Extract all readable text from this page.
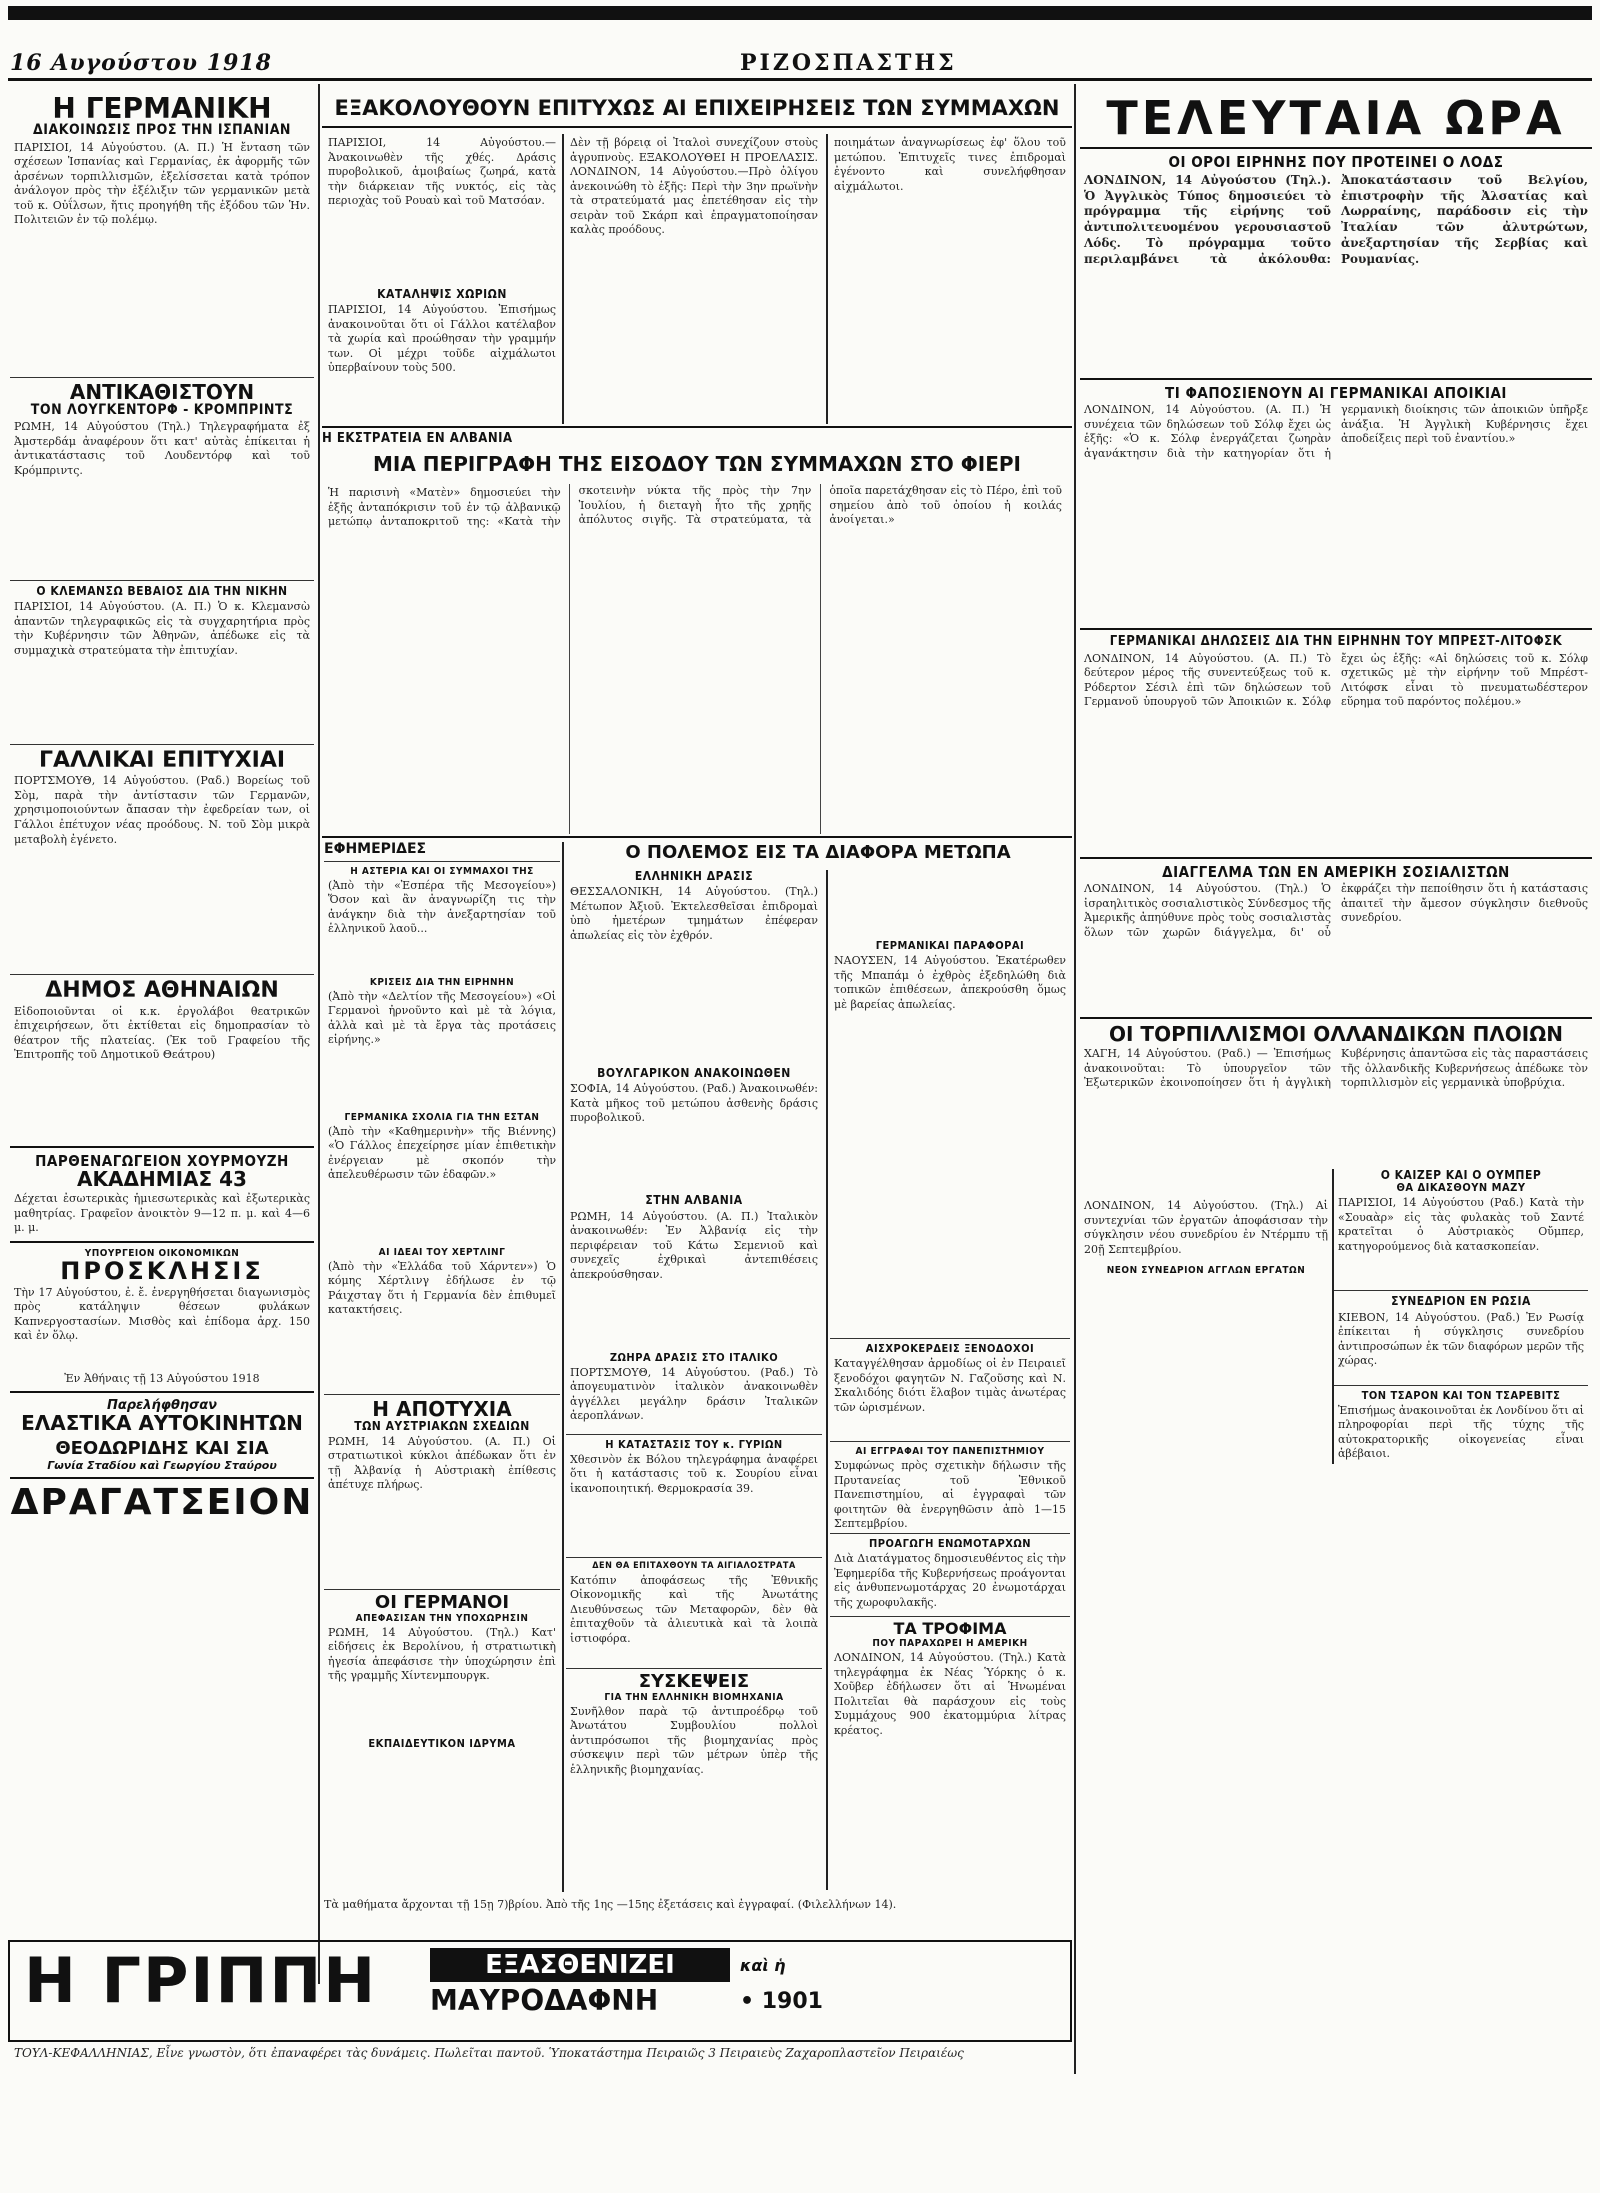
16 Αυγούστου 1918	ΡΙΖΟΣΠΑΣΤΗΣ
Η ΓΕΡΜΑΝΙΚΗ
ΔΙΑΚΟΙΝΩΣΙΣ ΠΡΟΣ ΤΗΝ ΙΣΠΑΝΙΑΝ
ΠΑΡΙΣΙΟΙ, 14 Αὐγούστου. (Α. Π.) Ἡ ἔνταση τῶν σχέσεων Ἱσπανίας καὶ Γερμανίας, ἐκ ἀφορμῆς τῶν ἀρσένων τορπιλλισμῶν, ἐξελίσσεται κατὰ τρόπον ἀνάλογον πρὸς τὴν ἐξέλιξιν τῶν γερμανικῶν μετὰ τοῦ κ. Οὐΐλσων, ἥτις προηγήθη τῆς ἐξόδου τῶν Ἡν. Πολιτειῶν ἐν τῷ πολέμῳ.
ΑΝΤΙΚΑΘΙΣΤΟΥΝ
ΤΟΝ ΛΟΥΓΚΕΝΤΟΡΦ - ΚΡΟΜΠΡΙΝΤΣ
ΡΩΜΗ, 14 Αὐγούστου (Τηλ.) Τηλεγραφήματα ἐξ Ἀμστερδάμ ἀναφέρουν ὅτι κατ' αὐτὰς ἐπίκειται ἡ ἀντικατάστασις τοῦ Λουδεντόρφ καὶ τοῦ Κρόμπριντς.
Ο ΚΛΕΜΑΝΣΩ ΒΕΒΑΙΟΣ ΔΙΑ ΤΗΝ ΝΙΚΗΝ
ΠΑΡΙΣΙΟΙ, 14 Αὐγούστου. (Α. Π.) Ὁ κ. Κλεμανσὼ ἀπαντῶν τηλεγραφικῶς εἰς τὰ συγχαρητήρια πρὸς τὴν Κυβέρνησιν τῶν Ἀθηνῶν, ἀπέδωκε εἰς τὰ συμμαχικὰ στρατεύματα τὴν ἐπιτυχίαν.
ΓΑΛΛΙΚΑΙ ΕΠΙΤΥΧΙΑΙ
ΠΟΡΤΣΜΟΥΘ, 14 Αὐγούστου. (Ραδ.) Βορείως τοῦ Σὸμ, παρὰ τὴν ἀντίστασιν τῶν Γερμανῶν, χρησιμοποιούντων ἄπασαν τὴν ἐφεδρείαν των, οἱ Γάλλοι ἐπέτυχον νέας προόδους. Ν. τοῦ Σὸμ μικρὰ μεταβολὴ ἐγένετο.
ΔΗΜΟΣ ΑΘΗΝΑΙΩΝ
Εἰδοποιοῦνται οἱ κ.κ. ἐργολάβοι θεατρικῶν ἐπιχειρήσεων, ὅτι ἐκτίθεται εἰς δημοπρασίαν τὸ θέατρον τῆς πλατείας. (Ἐκ τοῦ Γραφείου τῆς Ἐπιτροπῆς τοῦ Δημοτικοῦ Θεάτρου)
ΠΑΡΘΕΝΑΓΩΓΕΙΟΝ ΧΟΥΡΜΟΥΖΗ
ΑΚΑΔΗΜΙΑΣ 43
Δέχεται ἐσωτερικὰς ἡμιεσωτερικὰς καὶ ἐξωτερικὰς μαθητρίας. Γραφεῖον ἀνοικτὸν 9—12 π. μ. καὶ 4—6 μ. μ.
ΥΠΟΥΡΓΕΙΟΝ ΟΙΚΟΝΟΜΙΚΩΝ
ΠΡΟΣΚΛΗΣΙΣ
Τὴν 17 Αὐγούστου, ἐ. ἔ. ἐνεργηθήσεται διαγωνισμὸς πρὸς κατάληψιν θέσεων φυλάκων Καπνεργοστασίων. Μισθὸς καὶ ἐπίδομα ἀρχ. 150 καὶ ἐν ὅλῳ.
Ἐν Ἀθήναις τῇ 13 Αὐγούστου 1918
Παρελήφθησαν
ΕΛΑΣΤΙΚΑ ΑΥΤΟΚΙΝΗΤΩΝ
ΘΕΟΔΩΡΙΔΗΣ ΚΑΙ ΣΙΑ
Γωνία Σταδίου καὶ Γεωργίου Σταύρου
ΔΡΑΓΑΤΣΕΙΟΝ
ΕΞΑΚΟΛΟΥΘΟΥΝ ΕΠΙΤΥΧΩΣ ΑΙ ΕΠΙΧΕΙΡΗΣΕΙΣ ΤΩΝ ΣΥΜΜΑΧΩΝ
ΠΑΡΙΣΙΟΙ, 14 Αὐγούστου.— Ἀνακοινωθὲν τῆς χθές. Δράσις πυροβολικοῦ, ἀμοιβαίως ζωηρά, κατὰ τὴν διάρκειαν τῆς νυκτός, εἰς τὰς περιοχὰς τοῦ Ρουαὺ καὶ τοῦ Ματσόαν.
ΚΑΤΑΛΗΨΙΣ ΧΩΡΙΩΝ
ΠΑΡΙΣΙΟΙ, 14 Αὐγούστου. Ἐπισήμως ἀνακοινοῦται ὅτι οἱ Γάλλοι κατέλαβον τὰ χωρία καὶ προώθησαν τὴν γραμμήν των. Οἱ μέχρι τοῦδε αἰχμάλωτοι ὑπερβαίνουν τοὺς 500.
Δὲν τῇ βόρειᾳ οἱ Ἰταλοὶ συνεχίζουν στοὺς ἀγρυπνοὺς. ΕΞΑΚΟΛΟΥΘΕΙ Η ΠΡΟΕΛΑΣΙΣ. ΛΟΝΔΙΝΟΝ, 14 Αὐγούστου.—Πρὸ ὀλίγου ἀνεκοινώθη τὸ ἑξῆς: Περὶ τὴν 3ην πρωϊνὴν τὰ στρατεύματά μας ἐπετέθησαν εἰς τὴν σειρὰν τοῦ Σκάρπ καὶ ἐπραγματοποίησαν καλὰς προόδους.
ποιημάτων ἀναγνωρίσεως ἐφ' ὅλου τοῦ μετώπου. Ἐπιτυχεῖς τινες ἐπιδρομαὶ ἐγένοντο καὶ συνελήφθησαν αἰχμάλωτοι.
Η ΕΚΣΤΡΑΤΕΙΑ ΕΝ ΑΛΒΑΝΙΑ
ΜΙΑ ΠΕΡΙΓΡΑΦΗ ΤΗΣ ΕΙΣΟΔΟΥ ΤΩΝ ΣΥΜΜΑΧΩΝ ΣΤΟ ΦΙΕΡΙ
Ἡ παρισινὴ «Ματὲν» δημοσιεύει τὴν ἑξῆς ἀνταπόκρισιν τοῦ ἐν τῷ ἀλβανικῷ μετώπῳ ἀνταποκριτοῦ της: «Κατὰ τὴν σκοτεινὴν νύκτα τῆς πρὸς τὴν 7ην Ἰουλίου, ἡ διεταγὴ ἦτο τῆς χρηῆς ἀπόλυτος σιγῆς. Τὰ στρατεύματα, τὰ ὁποῖα παρετάχθησαν εἰς τὸ Πέρο, ἐπὶ τοῦ σημείου ἀπὸ τοῦ ὁποίου ἡ κοιλάς ἀνοίγεται.»
ΕΦΗΜΕΡΙΔΕΣ
Η ΑΣΤΕΡΙΑ ΚΑΙ ΟΙ ΣΥΜΜΑΧΟΙ ΤΗΣ
(Ἀπὸ τὴν «Ἐσπέρα τῆς Μεσογείου») Ὅσον καὶ ἂν ἀναγνωρίζη τις τὴν ἀνάγκην διὰ τὴν ἀνεξαρτησίαν τοῦ ἑλληνικοῦ λαοῦ...
ΚΡΙΣΕΙΣ ΔΙΑ ΤΗΝ ΕΙΡΗΝΗΝ
(Ἀπὸ τὴν «Δελτίον τῆς Μεσογείου») «Οἱ Γερμανοὶ ἠρνοῦντο καὶ μὲ τὰ λόγια, ἀλλὰ καὶ μὲ τὰ ἔργα τὰς προτάσεις εἰρήνης.»
ΓΕΡΜΑΝΙΚΑ ΣΧΟΛΙΑ ΓΙΑ ΤΗΝ ΕΣΤΑΝ
(Ἀπὸ τὴν «Καθημερινὴν» τῆς Βιέννης) «Ὁ Γάλλος ἐπεχείρησε μίαν ἐπιθετικὴν ἐνέργειαν μὲ σκοπόν τὴν ἀπελευθέρωσιν τῶν ἐδαφῶν.»
ΑΙ ΙΔΕΑΙ ΤΟΥ ΧΕΡΤΛΙΝΓ
(Ἀπὸ τὴν «Ἑλλάδα τοῦ Χάρντεν») Ὁ κόμης Χέρτλινγ ἐδήλωσε ἐν τῷ Ράιχσταγ ὅτι ἡ Γερμανία δὲν ἐπιθυμεῖ κατακτήσεις.
Η ΑΠΟΤΥΧΙΑ
ΤΩΝ ΑΥΣΤΡΙΑΚΩΝ ΣΧΕΔΙΩΝ
ΡΩΜΗ, 14 Αὐγούστου. (Α. Π.) Οἱ στρατιωτικοὶ κύκλοι ἀπέδωκαν ὅτι ἐν τῇ Ἀλβανίᾳ ἡ Αὐστριακὴ ἐπίθεσις ἀπέτυχε πλήρως.
ΟΙ ΓΕΡΜΑΝΟΙ
ΑΠΕΦΑΣΙΣΑΝ ΤΗΝ ΥΠΟΧΩΡΗΣΙΝ
ΡΩΜΗ, 14 Αὐγούστου. (Τηλ.) Κατ' εἰδήσεις ἐκ Βερολίνου, ἡ στρατιωτικὴ ἡγεσία ἀπεφάσισε τὴν ὑποχώρησιν ἐπὶ τῆς γραμμῆς Χίντενμπουργκ.
ΕΚΠΑΙΔΕΥΤΙΚΟΝ ΙΔΡΥΜΑ
Τὰ μαθήματα ἄρχονται τῇ 15ῃ 7)βρίου. Ἀπὸ τῆς 1ης —15ης ἐξετάσεις καὶ ἐγγραφαί. (Φιλελλήνων 14).
Ο ΠΟΛΕΜΟΣ ΕΙΣ ΤΑ ΔΙΑΦΟΡΑ ΜΕΤΩΠΑ
ΕΛΛΗΝΙΚΗ ΔΡΑΣΙΣ
ΘΕΣΣΑΛΟΝΙΚΗ, 14 Αὐγούστου. (Τηλ.) Μέτωπον Ἀξιοῦ. Ἐκτελεσθεῖσαι ἐπιδρομαὶ ὑπὸ ἡμετέρων τμημάτων ἐπέφεραν ἀπωλείας εἰς τὸν ἐχθρόν.
ΒΟΥΛΓΑΡΙΚΟΝ ΑΝΑΚΟΙΝΩΘΕΝ
ΣΟΦΙΑ, 14 Αὐγούστου. (Ραδ.) Ἀνακοινωθέν: Κατὰ μῆκος τοῦ μετώπου ἀσθενὴς δράσις πυροβολικοῦ.
ΣΤΗΝ ΑΛΒΑΝΙΑ
ΡΩΜΗ, 14 Αὐγούστου. (Α. Π.) Ἰταλικὸν ἀνακοινωθέν: Ἐν Ἀλβανίᾳ εἰς τὴν περιφέρειαν τοῦ Κάτω Σεμενιοῦ καὶ συνεχεῖς ἐχθρικαὶ ἀντεπιθέσεις ἀπεκρούσθησαν.
ΖΩΗΡΑ ΔΡΑΣΙΣ ΣΤΟ ΙΤΑΛΙΚΟ
ΠΟΡΤΣΜΟΥΘ, 14 Αὐγούστου. (Ραδ.) Τὸ ἀπογευματινὸν ἰταλικὸν ἀνακοινωθὲν ἀγγέλλει μεγάλην δράσιν Ἰταλικῶν ἀεροπλάνων.
Η ΚΑΤΑΣΤΑΣΙΣ ΤΟΥ κ. ΓΥΡΙΩΝ
Χθεσινὸν ἐκ Βόλου τηλεγράφημα ἀναφέρει ὅτι ἡ κατάστασις τοῦ κ. Σουρίου εἶναι ἱκανοποιητική. Θερμοκρασία 39.
ΔΕΝ ΘΑ ΕΠΙΤΑΧΘΟΥΝ ΤΑ ΑΙΓΙΑΛΟΣΤΡΑΤΑ
Κατόπιν ἀποφάσεως τῆς Ἐθνικῆς Οἰκονομικῆς καὶ τῆς Ἀνωτάτης Διευθύνσεως τῶν Μεταφορῶν, δὲν θὰ ἐπιταχθοῦν τὰ ἀλιευτικὰ καὶ τὰ λοιπὰ ἱστιοφόρα.
ΣΥΣΚΕΨΕΙΣ
ΓΙΑ ΤΗΝ ΕΛΛΗΝΙΚΗ ΒΙΟΜΗΧΑΝΙΑ
Συνῆλθον παρὰ τῷ ἀντιπροέδρῳ τοῦ Ἀνωτάτου Συμβουλίου πολλοὶ ἀντιπρόσωποι τῆς βιομηχανίας πρὸς σύσκεψιν περὶ τῶν μέτρων ὑπὲρ τῆς ἑλληνικῆς βιομηχανίας.
ΓΕΡΜΑΝΙΚΑΙ ΠΑΡΑΦΟΡΑΙ
ΝΑΟΥΣΕΝ, 14 Αὐγούστου. Ἑκατέρωθεν τῆς Μπαπάμ ὁ ἐχθρὸς ἐξεδηλώθη διὰ τοπικῶν ἐπιθέσεων, ἀπεκρούσθη ὅμως μὲ βαρείας ἀπωλείας.
ΑΙΣΧΡΟΚΕΡΔΕΙΣ ΞΕΝΟΔΟΧΟΙ
Καταγγέλθησαν ἀρμοδίως οἱ ἐν Πειραιεῖ ξενοδόχοι φαγητῶν Ν. Γαζοῦσης καὶ Ν. Σκαλιδόης διότι ἔλαβον τιμὰς ἀνωτέρας τῶν ὡρισμένων.
ΑΙ ΕΓΓΡΑΦΑΙ ΤΟΥ ΠΑΝΕΠΙΣΤΗΜΙΟΥ
Συμφώνως πρὸς σχετικὴν δήλωσιν τῆς Πρυτανείας τοῦ Ἐθνικοῦ Πανεπιστημίου, αἱ ἐγγραφαὶ τῶν φοιτητῶν θὰ ἐνεργηθῶσιν ἀπὸ 1—15 Σεπτεμβρίου.
ΠΡΟΑΓΩΓΗ ΕΝΩΜΟΤΑΡΧΩΝ
Διὰ Διατάγματος δημοσιευθέντος εἰς τὴν Ἐφημερίδα τῆς Κυβερνήσεως προάγονται εἰς ἀνθυπενωμοτάρχας 20 ἐνωμοτάρχαι τῆς χωροφυλακῆς.
ΤΑ ΤΡΟΦΙΜΑ
ΠΟΥ ΠΑΡΑΧΩΡΕΙ Η ΑΜΕΡΙΚΗ
ΛΟΝΔΙΝΟΝ, 14 Αὐγούστου. (Τηλ.) Κατὰ τηλεγράφημα ἐκ Νέας Ὑόρκης ὁ κ. Χοῦβερ ἐδήλωσεν ὅτι αἱ Ἡνωμέναι Πολιτεῖαι θὰ παράσχουν εἰς τοὺς Συμμάχους 900 ἑκατομμύρια λίτρας κρέατος.
ΤΕΛΕΥΤΑΙΑ ΩΡΑ
ΟΙ ΟΡΟΙ ΕΙΡΗΝΗΣ ΠΟΥ ΠΡΟΤΕΙΝΕΙ Ο ΛΟΔΣ
ΛΟΝΔΙΝΟΝ, 14 Αὐγούστου (Τηλ.). Ὁ Ἀγγλικὸς Τύπος δημοσιεύει τὸ πρόγραμμα τῆς εἰρήνης τοῦ ἀντιπολιτευομένου γερουσιαστοῦ Λόδς. Τὸ πρόγραμμα τοῦτο περιλαμβάνει τὰ ἀκόλουθα: Ἀποκατάστασιν τοῦ Βελγίου, ἐπιστροφὴν τῆς Ἀλσατίας καὶ Λωρραίνης, παράδοσιν εἰς τὴν Ἰταλίαν τῶν ἀλυτρώτων, ἀνεξαρτησίαν τῆς Σερβίας καὶ Ρουμανίας.
ΤΙ ΦΑΠΟΣΙΕΝΟΥΝ ΑΙ ΓΕΡΜΑΝΙΚΑΙ ΑΠΟΙΚΙΑΙ
ΛΟΝΔΙΝΟΝ, 14 Αὐγούστου. (Α. Π.) Ἡ συνέχεια τῶν δηλώσεων τοῦ Σόλφ ἔχει ὡς ἑξῆς: «Ὁ κ. Σόλφ ἐνεργάζεται ζωηρὰν ἀγανάκτησιν διὰ τὴν κατηγορίαν ὅτι ἡ γερμανικὴ διοίκησις τῶν ἀποικιῶν ὑπῆρξε ἀνάξια. Ἡ Ἀγγλικὴ Κυβέρνησις ἔχει ἀποδείξεις περὶ τοῦ ἐναντίου.»
ΓΕΡΜΑΝΙΚΑΙ ΔΗΛΩΣΕΙΣ ΔΙΑ ΤΗΝ ΕΙΡΗΝΗΝ ΤΟΥ ΜΠΡΕΣΤ-ΛΙΤΟΦΣΚ
ΛΟΝΔΙΝΟΝ, 14 Αὐγούστου. (Α. Π.) Τὸ δεύτερον μέρος τῆς συνεντεύξεως τοῦ κ. Ρόδερτον Σέσιλ ἐπὶ τῶν δηλώσεων τοῦ Γερμανοῦ ὑπουργοῦ τῶν Ἀποικιῶν κ. Σόλφ ἔχει ὡς ἑξῆς: «Αἱ δηλώσεις τοῦ κ. Σόλφ σχετικῶς μὲ τὴν εἰρήνην τοῦ Μπρέστ-Λιτόφσκ εἶναι τὸ πνευματωδέστερον εὕρημα τοῦ παρόντος πολέμου.»
ΔΙΑΓΓΕΛΜΑ ΤΩΝ ΕΝ ΑΜΕΡΙΚΗ ΣΟΣΙΑΛΙΣΤΩΝ
ΛΟΝΔΙΝΟΝ, 14 Αὐγούστου. (Τηλ.) Ὁ ἰσραηλιτικὸς σοσιαλιστικὸς Σύνδεσμος τῆς Ἀμερικῆς ἀπηύθυνε πρὸς τοὺς σοσιαλιστὰς ὅλων τῶν χωρῶν διάγγελμα, δι' οὗ ἐκφράζει τὴν πεποίθησιν ὅτι ἡ κατάστασις ἀπαιτεῖ τὴν ἄμεσον σύγκλησιν διεθνοῦς συνεδρίου.
ΟΙ ΤΟΡΠΙΛΛΙΣΜΟΙ ΟΛΛΑΝΔΙΚΩΝ ΠΛΟΙΩΝ
ΧΑΓΗ, 14 Αὐγούστου. (Ραδ.) — Ἐπισήμως ἀνακοινοῦται: Τὸ ὑπουργεῖον τῶν Ἐξωτερικῶν ἐκοινοποίησεν ὅτι ἡ ἀγγλικὴ Κυβέρνησις ἀπαντῶσα εἰς τὰς παραστάσεις τῆς ὁλλανδικῆς Κυβερνήσεως ἀπέδωκε τὸν τορπιλλισμὸν εἰς γερμανικὰ ὑποβρύχια.
ΛΟΝΔΙΝΟΝ, 14 Αὐγούστου. (Τηλ.) Αἱ συντεχνίαι τῶν ἐργατῶν ἀποφάσισαν τὴν σύγκλησιν νέου συνεδρίου ἐν Ντέρμπυ τῇ 20ῇ Σεπτεμβρίου.
ΝΕΟΝ ΣΥΝΕΔΡΙΟΝ ΑΓΓΛΩΝ ΕΡΓΑΤΩΝ
Ο ΚΑΙΖΕΡ ΚΑΙ Ο ΟΥΜΠΕΡ
ΘΑ ΔΙΚΑΣΘΟΥΝ ΜΑΖΥ
ΠΑΡΙΣΙΟΙ, 14 Αὐγούστου (Ραδ.) Κατὰ τὴν «Σουαὰρ» εἰς τὰς φυλακὰς τοῦ Σαντέ κρατεῖται ὁ Αὐστριακὸς Οὔμπερ, κατηγορούμενος διὰ κατασκοπείαν.
ΣΥΝΕΔΡΙΟΝ ΕΝ ΡΩΣΙΑ
ΚΙΕΒΟΝ, 14 Αὐγούστου. (Ραδ.) Ἐν Ρωσίᾳ ἐπίκειται ἡ σύγκλησις συνεδρίου ἀντιπροσώπων ἐκ τῶν διαφόρων μερῶν τῆς χώρας.
ΤΟΝ ΤΣΑΡΟΝ ΚΑΙ ΤΟΝ ΤΣΑΡΕΒΙΤΣ
Ἐπισήμως ἀνακοινοῦται ἐκ Λονδίνου ὅτι αἱ πληροφορίαι περὶ τῆς τύχης τῆς αὐτοκρατορικῆς οἰκογενείας εἶναι ἀβέβαιοι.
Η ΓΡΙΠΠΗ	ΕΞΑΣΘΕΝΙΖΕΙ	καὶ ἡ
ΜΑΥΡΟΔΑΦΝΗ	• 1901
ΤΟΥΛ-ΚΕΦΑΛΛΗΝΙΑΣ, Εἶνε γνωστὸν, ὅτι ἐπαναφέρει τὰς δυνάμεις. Πωλεῖται παντοῦ. Ὑποκατάστημα Πειραιῶς 3 Πειραιεὺς Ζαχαροπλαστεῖον Πειραιέως
